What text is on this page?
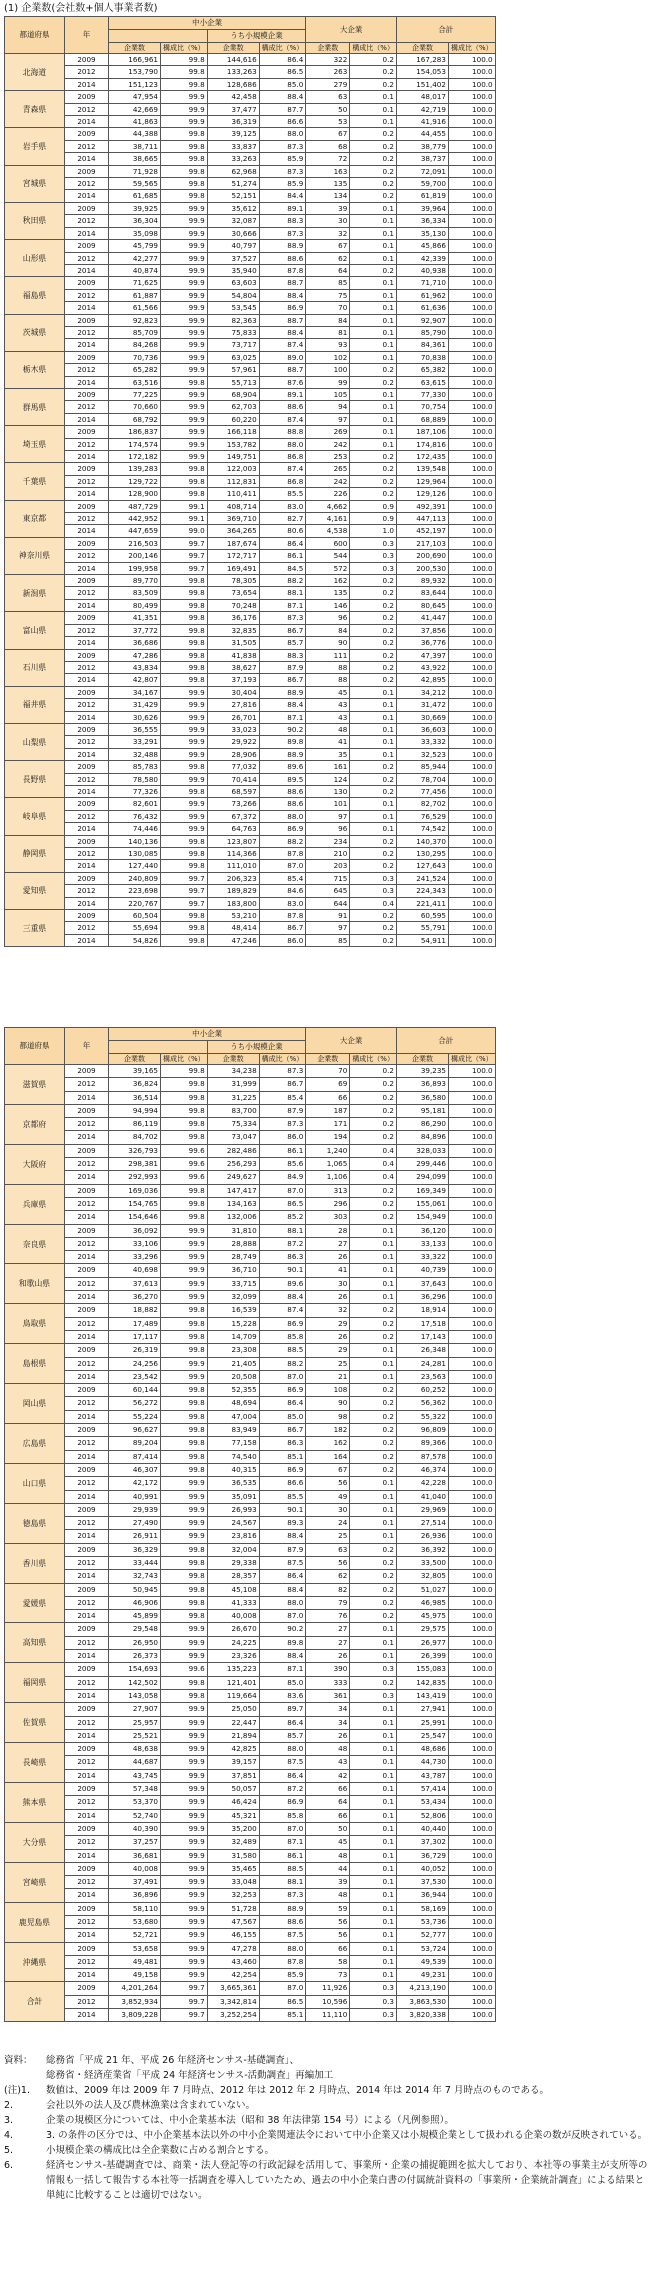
(1) 企業数(会社数+個人事業者数)
都道府県	年	中小企業				大企業		合計	
				うち小規模企業					
		企業数	構成比（%）	企業数	構成比（%）	企業数	構成比（%）	企業数	構成比（%）
北海道	2009	166,961	99.8	144,616	86.4	322	0.2	167,283	100.0
	2012	153,790	99.8	133,263	86.5	263	0.2	154,053	100.0
	2014	151,123	99.8	128,686	85.0	279	0.2	151,402	100.0
青森県	2009	47,954	99.9	42,458	88.4	63	0.1	48,017	100.0
	2012	42,669	99.9	37,477	87.7	50	0.1	42,719	100.0
	2014	41,863	99.9	36,319	86.6	53	0.1	41,916	100.0
岩手県	2009	44,388	99.8	39,125	88.0	67	0.2	44,455	100.0
	2012	38,711	99.8	33,837	87.3	68	0.2	38,779	100.0
	2014	38,665	99.8	33,263	85.9	72	0.2	38,737	100.0
宮城県	2009	71,928	99.8	62,968	87.3	163	0.2	72,091	100.0
	2012	59,565	99.8	51,274	85.9	135	0.2	59,700	100.0
	2014	61,685	99.8	52,151	84.4	134	0.2	61,819	100.0
秋田県	2009	39,925	99.9	35,612	89.1	39	0.1	39,964	100.0
	2012	36,304	99.9	32,087	88.3	30	0.1	36,334	100.0
	2014	35,098	99.9	30,666	87.3	32	0.1	35,130	100.0
山形県	2009	45,799	99.9	40,797	88.9	67	0.1	45,866	100.0
	2012	42,277	99.9	37,527	88.6	62	0.1	42,339	100.0
	2014	40,874	99.9	35,940	87.8	64	0.2	40,938	100.0
福島県	2009	71,625	99.9	63,603	88.7	85	0.1	71,710	100.0
	2012	61,887	99.9	54,804	88.4	75	0.1	61,962	100.0
	2014	61,566	99.9	53,545	86.9	70	0.1	61,636	100.0
茨城県	2009	92,823	99.9	82,363	88.7	84	0.1	92,907	100.0
	2012	85,709	99.9	75,833	88.4	81	0.1	85,790	100.0
	2014	84,268	99.9	73,717	87.4	93	0.1	84,361	100.0
栃木県	2009	70,736	99.9	63,025	89.0	102	0.1	70,838	100.0
	2012	65,282	99.9	57,961	88.7	100	0.2	65,382	100.0
	2014	63,516	99.8	55,713	87.6	99	0.2	63,615	100.0
群馬県	2009	77,225	99.9	68,904	89.1	105	0.1	77,330	100.0
	2012	70,660	99.9	62,703	88.6	94	0.1	70,754	100.0
	2014	68,792	99.9	60,220	87.4	97	0.1	68,889	100.0
埼玉県	2009	186,837	99.9	166,118	88.8	269	0.1	187,106	100.0
	2012	174,574	99.9	153,782	88.0	242	0.1	174,816	100.0
	2014	172,182	99.9	149,751	86.8	253	0.2	172,435	100.0
千葉県	2009	139,283	99.8	122,003	87.4	265	0.2	139,548	100.0
	2012	129,722	99.8	112,831	86.8	242	0.2	129,964	100.0
	2014	128,900	99.8	110,411	85.5	226	0.2	129,126	100.0
東京都	2009	487,729	99.1	408,714	83.0	4,662	0.9	492,391	100.0
	2012	442,952	99.1	369,710	82.7	4,161	0.9	447,113	100.0
	2014	447,659	99.0	364,265	80.6	4,538	1.0	452,197	100.0
神奈川県	2009	216,503	99.7	187,674	86.4	600	0.3	217,103	100.0
	2012	200,146	99.7	172,717	86.1	544	0.3	200,690	100.0
	2014	199,958	99.7	169,491	84.5	572	0.3	200,530	100.0
新潟県	2009	89,770	99.8	78,305	88.2	162	0.2	89,932	100.0
	2012	83,509	99.8	73,654	88.1	135	0.2	83,644	100.0
	2014	80,499	99.8	70,248	87.1	146	0.2	80,645	100.0
富山県	2009	41,351	99.8	36,176	87.3	96	0.2	41,447	100.0
	2012	37,772	99.8	32,835	86.7	84	0.2	37,856	100.0
	2014	36,686	99.8	31,505	85.7	90	0.2	36,776	100.0
石川県	2009	47,286	99.8	41,838	88.3	111	0.2	47,397	100.0
	2012	43,834	99.8	38,627	87.9	88	0.2	43,922	100.0
	2014	42,807	99.8	37,193	86.7	88	0.2	42,895	100.0
福井県	2009	34,167	99.9	30,404	88.9	45	0.1	34,212	100.0
	2012	31,429	99.9	27,816	88.4	43	0.1	31,472	100.0
	2014	30,626	99.9	26,701	87.1	43	0.1	30,669	100.0
山梨県	2009	36,555	99.9	33,023	90.2	48	0.1	36,603	100.0
	2012	33,291	99.9	29,922	89.8	41	0.1	33,332	100.0
	2014	32,488	99.9	28,906	88.9	35	0.1	32,523	100.0
長野県	2009	85,783	99.8	77,032	89.6	161	0.2	85,944	100.0
	2012	78,580	99.9	70,414	89.5	124	0.2	78,704	100.0
	2014	77,326	99.8	68,597	88.6	130	0.2	77,456	100.0
岐阜県	2009	82,601	99.9	73,266	88.6	101	0.1	82,702	100.0
	2012	76,432	99.9	67,372	88.0	97	0.1	76,529	100.0
	2014	74,446	99.9	64,763	86.9	96	0.1	74,542	100.0
静岡県	2009	140,136	99.8	123,807	88.2	234	0.2	140,370	100.0
	2012	130,085	99.8	114,366	87.8	210	0.2	130,295	100.0
	2014	127,440	99.8	111,010	87.0	203	0.2	127,643	100.0
愛知県	2009	240,809	99.7	206,323	85.4	715	0.3	241,524	100.0
	2012	223,698	99.7	189,829	84.6	645	0.3	224,343	100.0
	2014	220,767	99.7	183,800	83.0	644	0.4	221,411	100.0
三重県	2009	60,504	99.8	53,210	87.8	91	0.2	60,595	100.0
	2012	55,694	99.8	48,414	86.7	97	0.2	55,791	100.0
	2014	54,826	99.8	47,246	86.0	85	0.2	54,911	100.0
都道府県	年	中小企業				大企業		合計	
				うち小規模企業					
		企業数	構成比（%）	企業数	構成比（%）	企業数	構成比（%）	企業数	構成比（%）
滋賀県	2009	39,165	99.8	34,238	87.3	70	0.2	39,235	100.0
	2012	36,824	99.8	31,999	86.7	69	0.2	36,893	100.0
	2014	36,514	99.8	31,225	85.4	66	0.2	36,580	100.0
京都府	2009	94,994	99.8	83,700	87.9	187	0.2	95,181	100.0
	2012	86,119	99.8	75,334	87.3	171	0.2	86,290	100.0
	2014	84,702	99.8	73,047	86.0	194	0.2	84,896	100.0
大阪府	2009	326,793	99.6	282,486	86.1	1,240	0.4	328,033	100.0
	2012	298,381	99.6	256,293	85.6	1,065	0.4	299,446	100.0
	2014	292,993	99.6	249,627	84.9	1,106	0.4	294,099	100.0
兵庫県	2009	169,036	99.8	147,417	87.0	313	0.2	169,349	100.0
	2012	154,765	99.8	134,163	86.5	296	0.2	155,061	100.0
	2014	154,646	99.8	132,006	85.2	303	0.2	154,949	100.0
奈良県	2009	36,092	99.9	31,810	88.1	28	0.1	36,120	100.0
	2012	33,106	99.9	28,888	87.2	27	0.1	33,133	100.0
	2014	33,296	99.9	28,749	86.3	26	0.1	33,322	100.0
和歌山県	2009	40,698	99.9	36,710	90.1	41	0.1	40,739	100.0
	2012	37,613	99.9	33,715	89.6	30	0.1	37,643	100.0
	2014	36,270	99.9	32,099	88.4	26	0.1	36,296	100.0
鳥取県	2009	18,882	99.8	16,539	87.4	32	0.2	18,914	100.0
	2012	17,489	99.8	15,228	86.9	29	0.2	17,518	100.0
	2014	17,117	99.8	14,709	85.8	26	0.2	17,143	100.0
島根県	2009	26,319	99.8	23,308	88.5	29	0.1	26,348	100.0
	2012	24,256	99.9	21,405	88.2	25	0.1	24,281	100.0
	2014	23,542	99.9	20,508	87.0	21	0.1	23,563	100.0
岡山県	2009	60,144	99.8	52,355	86.9	108	0.2	60,252	100.0
	2012	56,272	99.8	48,694	86.4	90	0.2	56,362	100.0
	2014	55,224	99.8	47,004	85.0	98	0.2	55,322	100.0
広島県	2009	96,627	99.8	83,949	86.7	182	0.2	96,809	100.0
	2012	89,204	99.8	77,158	86.3	162	0.2	89,366	100.0
	2014	87,414	99.8	74,540	85.1	164	0.2	87,578	100.0
山口県	2009	46,307	99.8	40,315	86.9	67	0.2	46,374	100.0
	2012	42,172	99.9	36,535	86.6	56	0.1	42,228	100.0
	2014	40,991	99.9	35,091	85.5	49	0.1	41,040	100.0
徳島県	2009	29,939	99.9	26,993	90.1	30	0.1	29,969	100.0
	2012	27,490	99.9	24,567	89.3	24	0.1	27,514	100.0
	2014	26,911	99.9	23,816	88.4	25	0.1	26,936	100.0
香川県	2009	36,329	99.8	32,004	87.9	63	0.2	36,392	100.0
	2012	33,444	99.8	29,338	87.5	56	0.2	33,500	100.0
	2014	32,743	99.8	28,357	86.4	62	0.2	32,805	100.0
愛媛県	2009	50,945	99.8	45,108	88.4	82	0.2	51,027	100.0
	2012	46,906	99.8	41,333	88.0	79	0.2	46,985	100.0
	2014	45,899	99.8	40,008	87.0	76	0.2	45,975	100.0
高知県	2009	29,548	99.9	26,670	90.2	27	0.1	29,575	100.0
	2012	26,950	99.9	24,225	89.8	27	0.1	26,977	100.0
	2014	26,373	99.9	23,326	88.4	26	0.1	26,399	100.0
福岡県	2009	154,693	99.6	135,223	87.1	390	0.3	155,083	100.0
	2012	142,502	99.8	121,401	85.0	333	0.2	142,835	100.0
	2014	143,058	99.8	119,664	83.6	361	0.3	143,419	100.0
佐賀県	2009	27,907	99.9	25,050	89.7	34	0.1	27,941	100.0
	2012	25,957	99.9	22,447	86.4	34	0.1	25,991	100.0
	2014	25,521	99.9	21,894	85.7	26	0.1	25,547	100.0
長崎県	2009	48,638	99.9	42,825	88.0	48	0.1	48,686	100.0
	2012	44,687	99.9	39,157	87.5	43	0.1	44,730	100.0
	2014	43,745	99.9	37,851	86.4	42	0.1	43,787	100.0
熊本県	2009	57,348	99.9	50,057	87.2	66	0.1	57,414	100.0
	2012	53,370	99.9	46,424	86.9	64	0.1	53,434	100.0
	2014	52,740	99.9	45,321	85.8	66	0.1	52,806	100.0
大分県	2009	40,390	99.9	35,200	87.0	50	0.1	40,440	100.0
	2012	37,257	99.9	32,489	87.1	45	0.1	37,302	100.0
	2014	36,681	99.9	31,580	86.1	48	0.1	36,729	100.0
宮崎県	2009	40,008	99.9	35,465	88.5	44	0.1	40,052	100.0
	2012	37,491	99.9	33,048	88.1	39	0.1	37,530	100.0
	2014	36,896	99.9	32,253	87.3	48	0.1	36,944	100.0
鹿児島県	2009	58,110	99.9	51,728	88.9	59	0.1	58,169	100.0
	2012	53,680	99.9	47,567	88.6	56	0.1	53,736	100.0
	2014	52,721	99.9	46,155	87.5	56	0.1	52,777	100.0
沖縄県	2009	53,658	99.9	47,278	88.0	66	0.1	53,724	100.0
	2012	49,481	99.9	43,460	87.8	58	0.1	49,539	100.0
	2014	49,158	99.9	42,254	85.9	73	0.1	49,231	100.0
合計	2009	4,201,264	99.7	3,665,361	87.0	11,926	0.3	4,213,190	100.0
	2012	3,852,934	99.7	3,342,814	86.5	10,596	0.3	3,863,530	100.0
	2014	3,809,228	99.7	3,252,254	85.1	11,110	0.3	3,820,338	100.0
資料：	総務省「平成 21 年、平成 26 年経済センサス-基礎調査」、
総務省・経済産業省「平成 24 年経済センサス-活動調査」再編加工
(注)1.	数値は、2009 年は 2009 年 7 月時点、2012 年は 2012 年 2 月時点、2014 年は 2014 年 7 月時点のものである。
2.	会社以外の法人及び農林漁業は含まれていない。
3.	企業の規模区分については、中小企業基本法（昭和 38 年法律第 154 号）による（凡例参照）。
4.	3. の条件の区分では、中小企業基本法以外の中小企業関連法令において中小企業又は小規模企業として扱われる企業の数が反映されている。
5.	小規模企業の構成比は全企業数に占める割合とする。
6.	経済センサス-基礎調査では、商業・法人登記等の行政記録を活用して、事業所・企業の捕捉範囲を拡大しており、本社等の事業主が支所等の情報も一括して報告する本社等一括調査を導入していたため、過去の中小企業白書の付属統計資料の「事業所・企業統計調査」による結果と単純に比較することは適切ではない。
